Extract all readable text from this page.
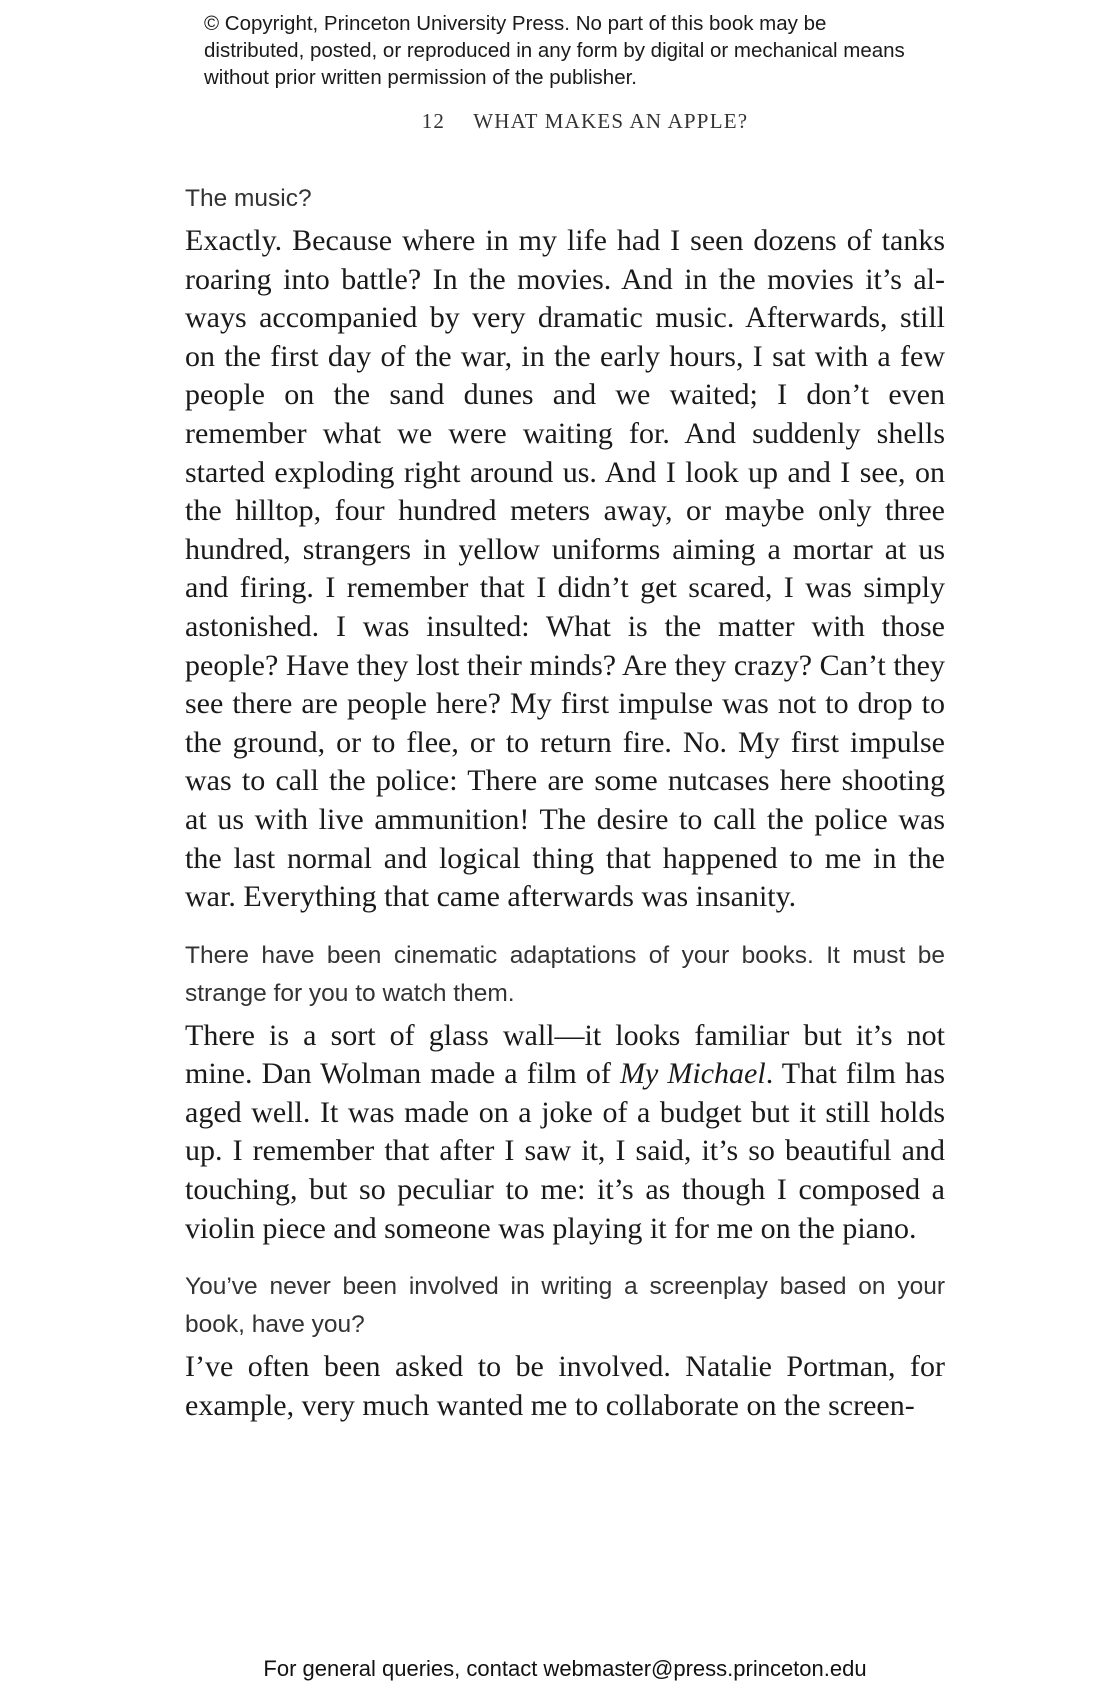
© Copyright, Princeton University Press. No part of this book may be distributed, posted, or reproduced in any form by digital or mechanical means without prior written permission of the publisher.
12 WHAT MAKES AN APPLE?

The music?

Exactly. Because where in my life had I seen dozens of tanks roaring into battle? In the movies. And in the movies it’s always accompanied by very dramatic music. Afterwards, still on the first day of the war, in the early hours, I sat with a few people on the sand dunes and we waited; I don’t even remember what we were waiting for. And suddenly shells started exploding right around us. And I look up and I see, on the hilltop, four hundred meters away, or maybe only three hundred, strangers in yellow uniforms aiming a mortar at us and firing. I remember that I didn’t get scared, I was simply astonished. I was insulted: What is the matter with those people? Have they lost their minds? Are they crazy? Can’t they see there are people here? My first impulse was not to drop to the ground, or to flee, or to return fire. No. My first impulse was to call the police: There are some nutcases here shooting at us with live ammunition! The desire to call the police was the last normal and logical thing that happened to me in the war. Everything that came afterwards was insanity.

There have been cinematic adaptations of your books. It must be strange for you to watch them.

There is a sort of glass wall—it looks familiar but it’s not mine. Dan Wolman made a film of My Michael. That film has aged well. It was made on a joke of a budget but it still holds up. I remember that after I saw it, I said, it’s so beautiful and touching, but so peculiar to me: it’s as though I composed a violin piece and someone was playing it for me on the piano.

You’ve never been involved in writing a screenplay based on your book, have you?

I’ve often been asked to be involved. Natalie Portman, for example, very much wanted me to collaborate on the screen-

For general queries, contact webmaster@press.princeton.edu
